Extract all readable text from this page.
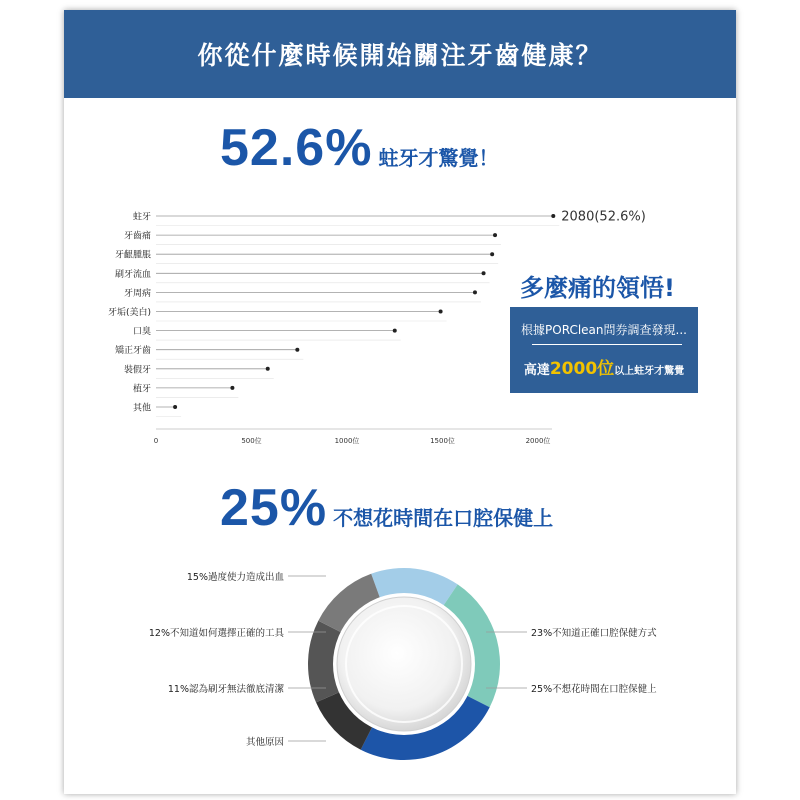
你從什麼時候開始關注牙齒健康？
52.6% 蛀牙才驚覺！
25% 不想花時間在口腔保健上
蛀牙
牙齒痛
牙齦腫脹
刷牙流血
牙周病
牙垢(美白)
口臭
矯正牙齒
裝假牙
植牙
其他
2080(52.6%)
0	500位	1000位	1500位	2000位
15%過度使力造成出血
23%不知道正確口腔保健方式
25%不想花時間在口腔保健上
其他原因
11%認為刷牙無法徹底清潔
12%不知道如何選擇正確的工具
多麼痛的領悟!
根據PORClean問券調查發現...
高達2000位以上蛀牙才驚覺
